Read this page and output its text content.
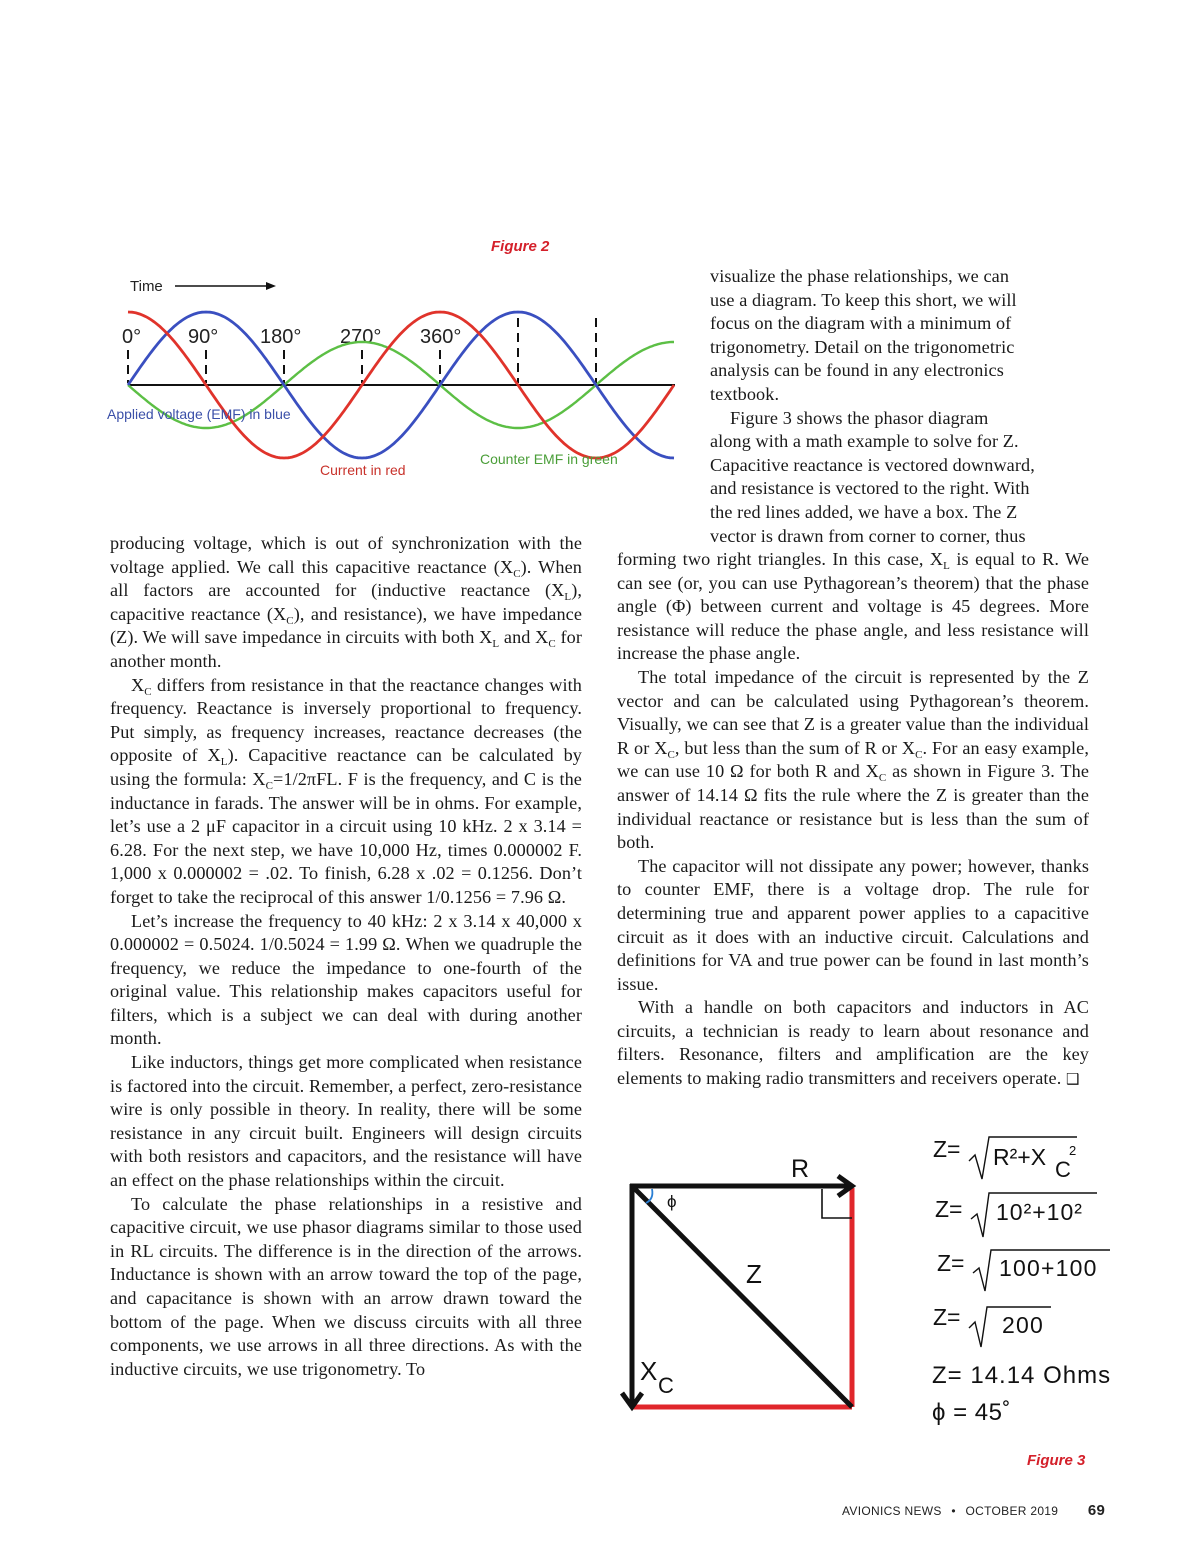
Figure 2
Time
0° 90° 180° 270° 360°
Applied voltage (EMF) in blue
Current in red
Counter EMF in green
visualize the phase relationships, we can
use a diagram. To keep this short, we will
focus on the diagram with a minimum of
trigonometry. Detail on the trigonometric
analysis can be found in any electronics
textbook.
Figure 3 shows the phasor diagram
along with a math example to solve for Z.
Capacitive reactance is vectored downward,
and resistance is vectored to the right. With
the red lines added, we have a box. The Z
vector is drawn from corner to corner, thus

producing voltage, which is out of synchronization with the voltage applied. We call this capacitive reactance $(X_C)$. When all factors are accounted for (inductive reactance $(X_L)$, capacitive reactance $(X_C)$, and resistance), we have impedance (Z). We will save impedance in circuits with both $X_L$ and $X_C$ for another month.

$X_C$ differs from resistance in that the reactance changes with frequency. Reactance is inversely proportional to frequency. Put simply, as frequency increases, reactance decreases (the opposite of $X_L$). Capacitive reactance can be calculated by using the formula: $X_C=1/2\pi FL$. F is the frequency, and C is the inductance in farads. The answer will be in ohms. For example, let’s use a 2 μF capacitor in a circuit using 10 kHz. 2 x 3.14 = 6.28. For the next step, we have 10,000 Hz, times 0.000002 F. 1,000 x 0.000002 = .02. To finish, 6.28 x .02 = 0.1256. Don’t forget to take the reciprocal of this answer 1/0.1256 = 7.96 Ω.

Let’s increase the frequency to 40 kHz: 2 x 3.14 x 40,000 x 0.000002 = 0.5024. 1/0.5024 = 1.99 Ω. When we quadruple the frequency, we reduce the impedance to one-fourth of the original value. This relationship makes capacitors useful for filters, which is a subject we can deal with during another month.

Like inductors, things get more complicated when resistance is factored into the circuit. Remember, a perfect, zero-resistance wire is only possible in theory. In reality, there will be some resistance in any circuit built. Engineers will design circuits with both resistors and capacitors, and the resistance will have an effect on the phase relationships within the circuit.

To calculate the phase relationships in a resistive and capacitive circuit, we use phasor diagrams similar to those used in RL circuits. The difference is in the direction of the arrows. Inductance is shown with an arrow toward the top of the page, and capacitance is shown with an arrow drawn toward the bottom of the page. When we discuss circuits with all three components, we use arrows in all three directions. As with the inductive circuits, we use trigonometry. To

forming two right triangles. In this case, $X_L$ is equal to R. We can see (or, you can use Pythagorean’s theorem) that the phase angle (Φ) between current and voltage is 45 degrees. More resistance will reduce the phase angle, and less resistance will increase the phase angle.

The total impedance of the circuit is represented by the Z vector and can be calculated using Pythagorean’s theorem. Visually, we can see that Z is a greater value than the individual R or $X_C$, but less than the sum of R or $X_C$. For an easy example, we can use 10 Ω for both R and $X_C$ as shown in Figure 3. The answer of 14.14 Ω fits the rule where the Z is greater than the individual reactance or resistance but is less than the sum of both.

The capacitor will not dissipate any power; however, thanks to counter EMF, there is a voltage drop. The rule for determining true and apparent power applies to a capacitive circuit as it does with an inductive circuit. Calculations and definitions for VA and true power can be found in last month’s issue.

With a handle on both capacitors and inductors in AC circuits, a technician is ready to learn about resonance and filters. Resonance, filters and amplification are the key elements to making radio transmitters and receivers operate. ❑

R
ϕ
Z
X C
Z= R²+X C
2
Z= 10²+10²
Z= 100+100
Z= 200
Z= 14.14 Ohms
ϕ = 45˚
Figure 3
AVIONICS NEWS • OCTOBER 2019 69
